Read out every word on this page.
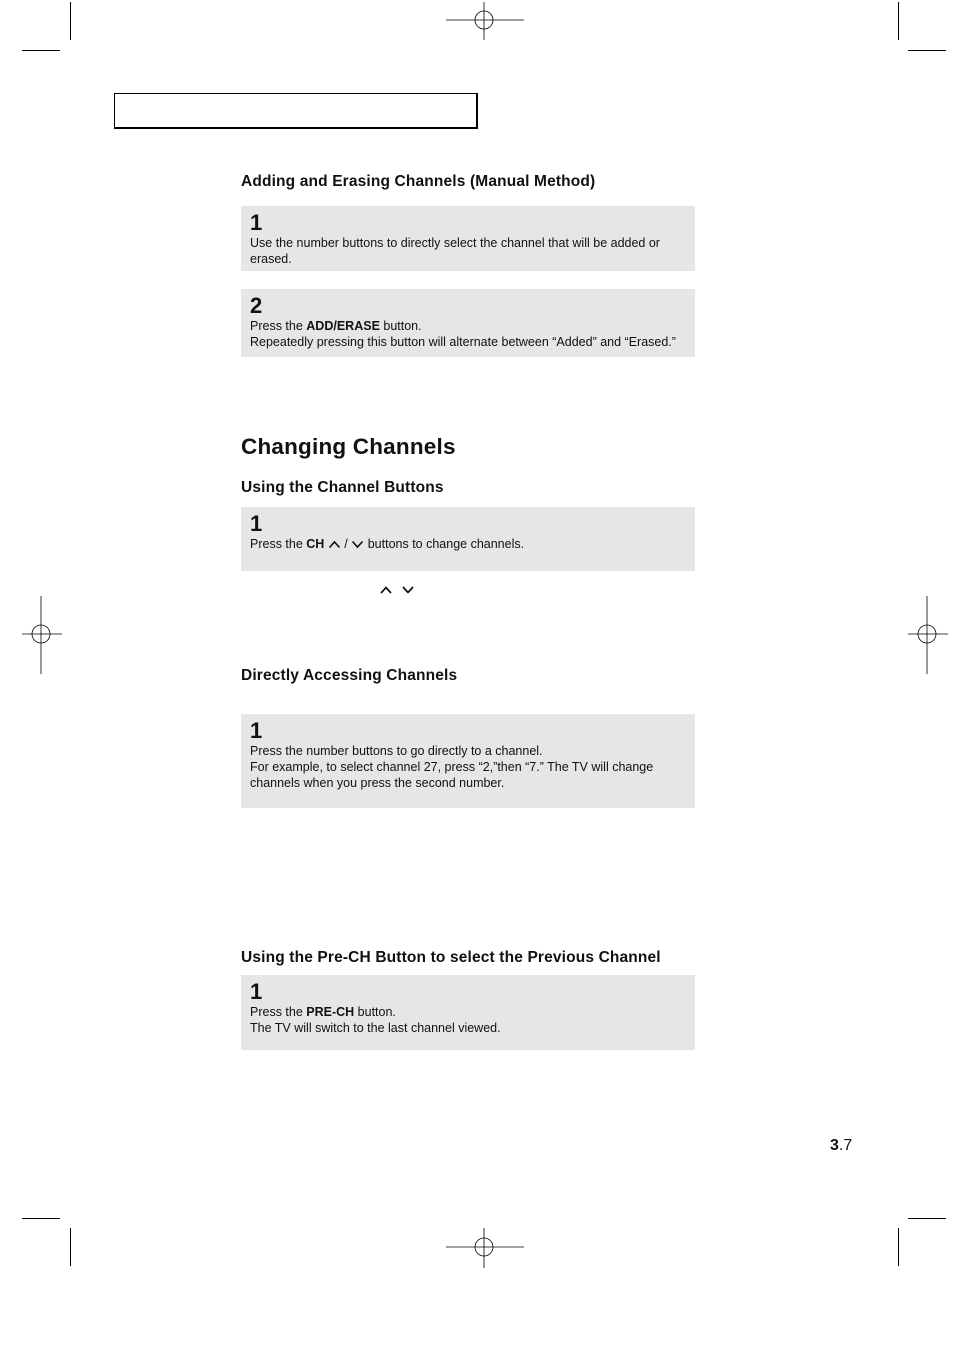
Adding and Erasing Channels (Manual Method)
1
Use the number buttons to directly select the channel that will be added or erased.
2
Press the ADD/ERASE button.
Repeatedly pressing this button will alternate between “Added” and “Erased.”
Changing Channels
Using the Channel Buttons
1
Press the CH  /  buttons to change channels.
Directly Accessing Channels
1
Press the number buttons to go directly to a channel.
For example, to select channel 27, press “2,”then “7.” The TV will change channels when you press the second number.
Using the Pre-CH Button to select the Previous Channel
1
Press the PRE-CH button.
The TV will switch to the last channel viewed.
3.7
